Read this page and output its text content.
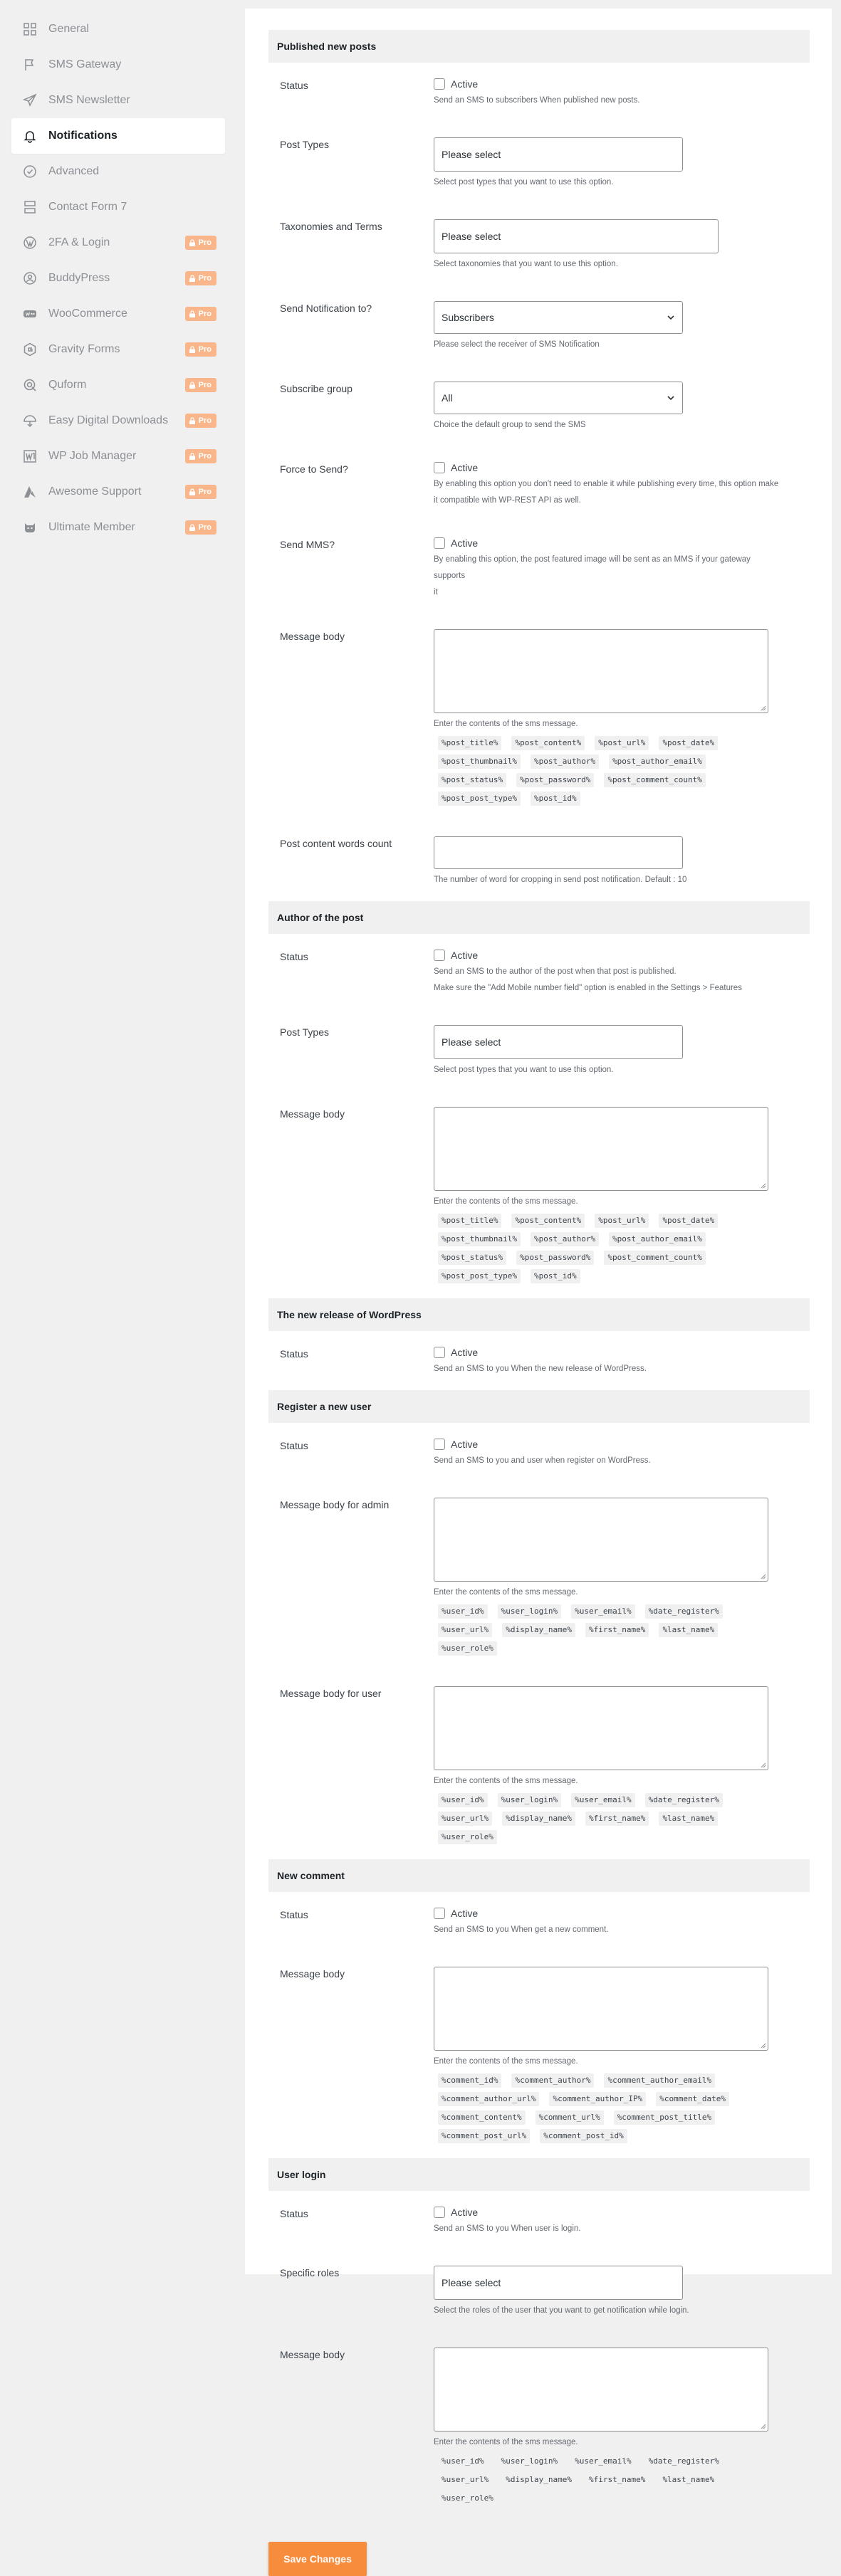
General
SMS Gateway
SMS Newsletter
Notifications
Advanced
Contact Form 7
2FA & Login	Pro
BuddyPress	Pro
WooCommerce	Pro
Gravity Forms	Pro
Quform	Pro
Easy Digital Downloads	Pro
WP Job Manager	Pro
Awesome Support	Pro
Ultimate Member	Pro
Published new posts
Status	Active
Send an SMS to subscribers When published new posts.
Post Types
Please select
Select post types that you want to use this option.
Taxonomies and Terms
Please select
Select taxonomies that you want to use this option.
Send Notification to?
Subscribers
Please select the receiver of SMS Notification
Subscribe group
All
Choice the default group to send the SMS
Force to Send?	Active
By enabling this option you don't need to enable it while publishing every time, this option make
it compatible with WP-REST API as well.
Send MMS?	Active
By enabling this option, the post featured image will be sent as an MMS if your gateway supports
it
Message body
Enter the contents of the sms message.
%post_title%	%post_content%	%post_url%	%post_date%
%post_thumbnail%	%post_author%	%post_author_email%
%post_status%	%post_password%	%post_comment_count%
%post_post_type%	%post_id%
Post content words count
The number of word for cropping in send post notification. Default : 10
Author of the post
Status	Active
Send an SMS to the author of the post when that post is published.
Make sure the "Add Mobile number field" option is enabled in the Settings > Features
Post Types
Please select
Select post types that you want to use this option.
Message body
Enter the contents of the sms message.
%post_title%	%post_content%	%post_url%	%post_date%
%post_thumbnail%	%post_author%	%post_author_email%
%post_status%	%post_password%	%post_comment_count%
%post_post_type%	%post_id%
The new release of WordPress
Status	Active
Send an SMS to you When the new release of WordPress.
Register a new user
Status	Active
Send an SMS to you and user when register on WordPress.
Message body for admin
Enter the contents of the sms message.
%user_id%	%user_login%	%user_email%	%date_register%
%user_url%	%display_name%	%first_name%	%last_name%
%user_role%
Message body for user
Enter the contents of the sms message.
%user_id%	%user_login%	%user_email%	%date_register%
%user_url%	%display_name%	%first_name%	%last_name%
%user_role%
New comment
Status	Active
Send an SMS to you When get a new comment.
Message body
Enter the contents of the sms message.
%comment_id%	%comment_author%	%comment_author_email%
%comment_author_url%	%comment_author_IP%	%comment_date%
%comment_content%	%comment_url%	%comment_post_title%
%comment_post_url%	%comment_post_id%
User login
Status	Active
Send an SMS to you When user is login.
Specific roles
Please select
Select the roles of the user that you want to get notification while login.
Message body
Enter the contents of the sms message.
%user_id%	%user_login%	%user_email%	%date_register%
%user_url%	%display_name%	%first_name%	%last_name%
%user_role%
Save Changes
